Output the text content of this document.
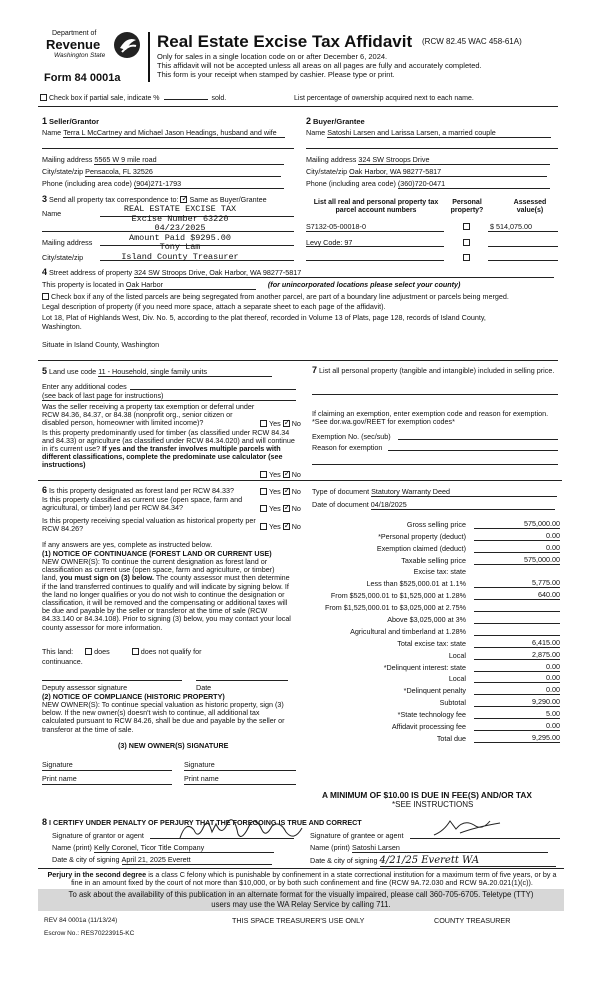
Department of
Revenue
Washington State
Form 84 0001a
Real Estate Excise Tax Affidavit (RCW 82.45 WAC 458-61A)
Only for sales in a single location code on or after December 6, 2024.
This affidavit will not be accepted unless all areas on all pages are fully and accurately completed.
This form is your receipt when stamped by cashier. Please type or print.
Check box if partial sale, indicate %	sold.	List percentage of ownership acquired next to each name.
1 Seller/Grantor
Name Terra L McCartney and Michael Jason Headings, husband and wife
Mailing address 5565 W 9 mile road
City/state/zip Pensacola, FL 32526
Phone (including area code) (904)271-1793
2 Buyer/Grantee
Name Satoshi Larsen and Larissa Larsen, a married couple
Mailing address 324 SW Stroops Drive
City/state/zip Oak Harbor, WA 98277-5817
Phone (including area code) (360)720-0471
3 Send all property tax correspondence to: ✓ Same as Buyer/Grantee
Name
Mailing address
City/state/zip
REAL ESTATE EXCISE TAX
Excise Number 63220
04/23/2025
Amount Paid $9295.00
Tony Lam
Island County Treasurer
List all real and personal property tax parcel account numbers
Personal property?
Assessed value(s)
S7132-05-00018-0	$ 514,075.00
Levy Code: 97
4 Street address of property 324 SW Stroops Drive, Oak Harbor, WA 98277-5817
This property is located in Oak Harbor	(for unincorporated locations please select your county)
Check box if any of the listed parcels are being segregated from another parcel, are part of a boundary line adjustment or parcels being merged.
Legal description of property (if you need more space, attach a separate sheet to each page of the affidavit).
Lot 18, Plat of Highlands West, Div. No. 5, according to the plat thereof, recorded in Volume 13 of Plats, page 128, records of Island County,
Washington.
Situate in Island County, Washington
5 Land use code 11 - Household, single family units
Enter any additional codes
(see back of last page for instructions)
Was the seller receiving a property tax exemption or deferral under RCW 84.36, 84.37, or 84.38 (nonprofit org., senior citizen or disabled person, homeowner with limited income)?	Yes ✓ No
Is this property predominantly used for timber (as classified under RCW 84.34 and 84.33) or agriculture (as classified under RCW 84.34.020) and will continue in it's current use? If yes and the transfer involves multiple parcels with different classifications, complete the predominate use calculator (see instructions)
Yes ✓ No
7 List all personal property (tangible and intangible) included in selling price.
If claiming an exemption, enter exemption code and reason for exemption. *See dor.wa.gov/REET for exemption codes*
Exemption No. (sec/sub)
Reason for exemption
6 Is this property designated as forest land per RCW 84.33?	Yes ✓ No
Is this property classified as current use (open space, farm and agricultural, or timber) land per RCW 84.34?	Yes ✓ No
Is this property receiving special valuation as historical property per RCW 84.26?	Yes ✓ No
If any answers are yes, complete as instructed below.
(1) NOTICE OF CONTINUANCE (FOREST LAND OR CURRENT USE)
NEW OWNER(S): To continue the current designation as forest land or classification as current use (open space, farm and agriculture, or timber) land, you must sign on (3) below. The county assessor must then determine if the land transferred continues to qualify and will indicate by signing below. If the land no longer qualifies or you do not wish to continue the designation or classification, it will be removed and the compensating or additional taxes will be due and payable by the seller or transferor at the time of sale (RCW 84.33.140 or 84.34.108). Prior to signing (3) below, you may contact your local county assessor for more information.
This land:	does	does not qualify for
continuance.
Deputy assessor signature	Date
(2) NOTICE OF COMPLIANCE (HISTORIC PROPERTY)
NEW OWNER(S): To continue special valuation as historic property, sign (3) below. If the new owner(s) doesn't wish to continue, all additional tax calculated pursuant to RCW 84.26, shall be due and payable by the seller or transferor at the time of sale.
(3) NEW OWNER(S) SIGNATURE
Signature	Signature
Print name	Print name
Type of document Statutory Warranty Deed
Date of document 04/18/2025
Gross selling price	575,000.00
*Personal property (deduct)	0.00
Exemption claimed (deduct)	0.00
Taxable selling price	575,000.00
Excise tax: state
Less than $525,000.01 at 1.1%	5,775.00
From $525,000.01 to $1,525,000 at 1.28%	640.00
From $1,525,000.01 to $3,025,000 at 2.75%
Above $3,025,000 at 3%
Agricultural and timberland at 1.28%
Total excise tax: state	6,415.00
Local	2,875.00
*Delinquent interest: state	0.00
Local	0.00
*Delinquent penalty	0.00
Subtotal	9,290.00
*State technology fee	5.00
Affidavit processing fee	0.00
Total due	9,295.00
A MINIMUM OF $10.00 IS DUE IN FEE(S) AND/OR TAX
*SEE INSTRUCTIONS
8 I CERTIFY UNDER PENALTY OF PERJURY THAT THE FOREGOING IS TRUE AND CORRECT
Signature of grantor or agent
Name (print) Kelly Coronel, Ticor Title Company
Date & city of signing April 21, 2025 Everett
Signature of grantee or agent
Name (print) Satoshi Larsen
Date & city of signing 4/21/25 Everett WA
Perjury in the second degree is a class C felony which is punishable by confinement in a state correctional institution for a maximum term of five years, or by a fine in an amount fixed by the court of not more than $10,000, or by both such confinement and fine (RCW 9A.72.030 and RCW 9A.20.021(1)(c)).
To ask about the availability of this publication in an alternate format for the visually impaired, please call 360-705-6705. Teletype (TTY) users may use the WA Relay Service by calling 711.
REV 84 0001a (11/13/24)	THIS SPACE TREASURER'S USE ONLY	COUNTY TREASURER
Escrow No.: RES70223915-KC
